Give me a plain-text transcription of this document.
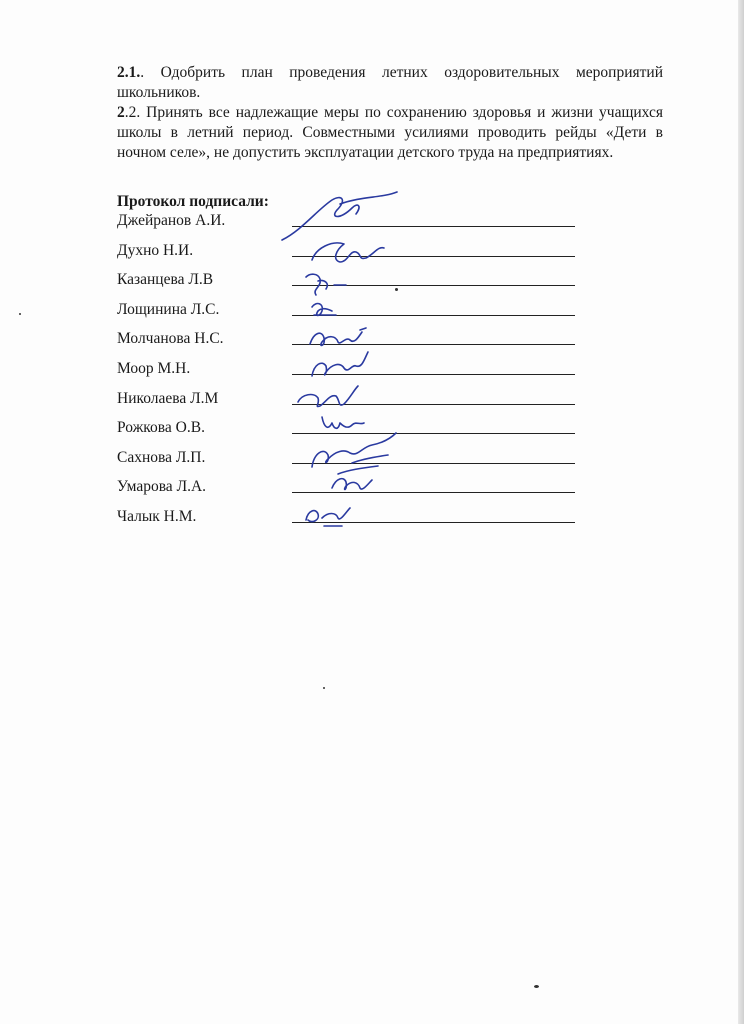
2.1.. Одобрить план проведения летних оздоровительных мероприятий школьников.

2.2. Принять все надлежащие меры по сохранению здоровья и жизни учащихся школы в летний период. Совместными усилиями проводить рейды «Дети в ночном селе», не допустить эксплуатации детского труда на предприятиях.

Протокол подписали:
Джейранов А.И.
Духно Н.И.
Казанцева Л.В
Лощинина Л.С.
Молчанова Н.С.
Моор М.Н.
Николаева Л.М
Рожкова О.В.
Сахнова Л.П.
Умарова Л.А.
Чалык Н.М.
